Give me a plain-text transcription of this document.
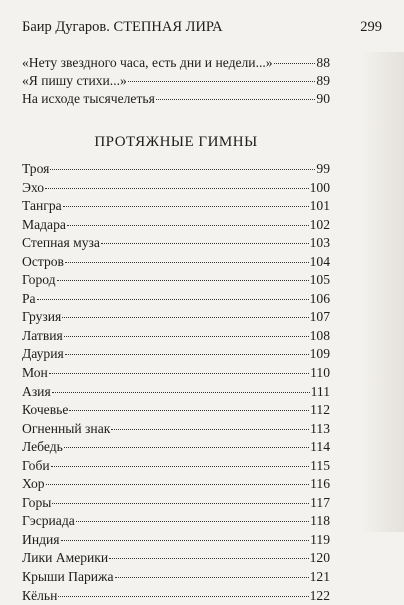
Баир Дугаров. СТЕПНАЯ ЛИРА	299
«Нету звездного часа, есть дни и недели...»	88
«Я пишу стихи...»	89
На исходе тысячелетья	90
ПРОТЯЖНЫЕ ГИМНЫ
Троя	99
Эхо	100
Тангра	101
Мадара	102
Степная муза	103
Остров	104
Город	105
Ра	106
Грузия	107
Латвия	108
Даурия	109
Мон	110
Азия	111
Кочевье	112
Огненный знак	113
Лебедь	114
Гоби	115
Хор	116
Горы	117
Гэсриада	118
Индия	119
Лики Америки	120
Крыши Парижа	121
Кёльн	122
